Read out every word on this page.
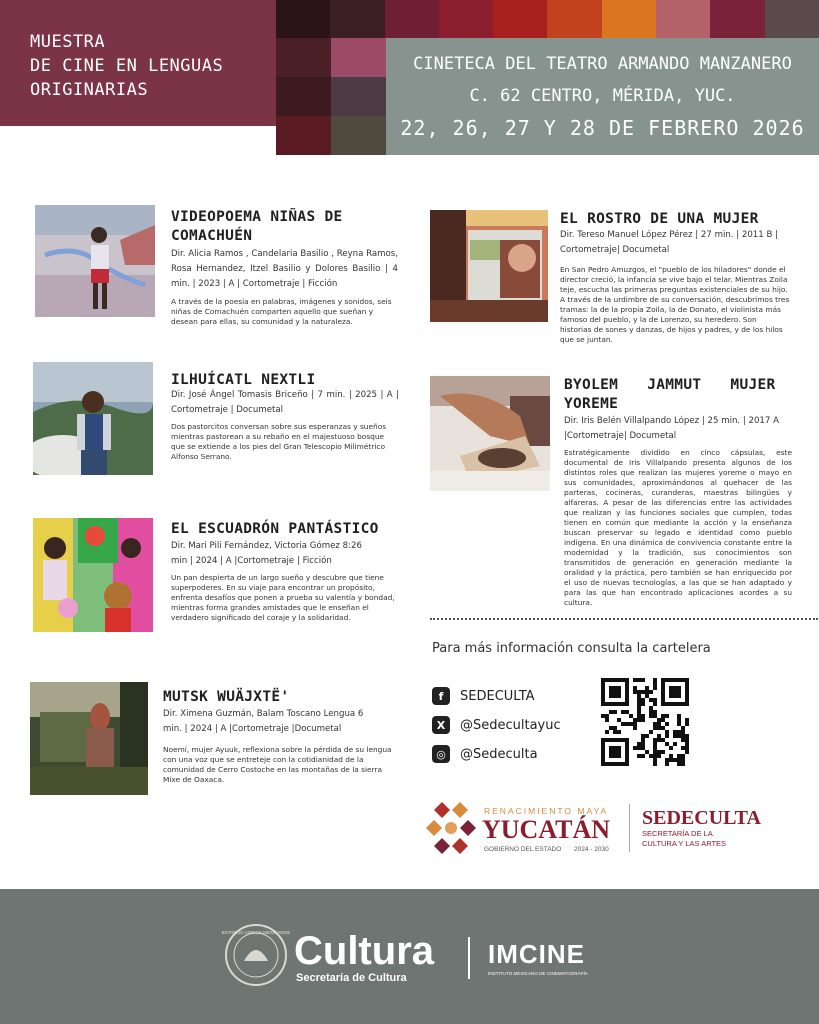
MUESTRA
DE CINE EN LENGUAS
ORIGINARIAS
CINETECA DEL TEATRO ARMANDO MANZANERO
C. 62 CENTRO, MÉRIDA, YUC.
22, 26, 27 Y 28 DE FEBRERO 2026
VIDEOPOEMA NIÑAS DE COMACHUÉN
Dir. Alicia Ramos , Candelaria Basilio , Reyna Ramos, Rosa Hernandez, Itzel Basilio y Dolores Basilio | 4 min. | 2023 | A | Cortometraje | Ficción
A través de la poesía en palabras, imágenes y sonidos, seis niñas de Comachuén comparten aquello que sueñan y desean para ellas, su comunidad y la naturaleza.
ILHUÍCATL NEXTLI
Dir. José Ángel Tomasis Briceño | 7 min. | 2025 | A | Cortometraje | Documetal
Dos pastorcitos conversan sobre sus esperanzas y sueños mientras pastorean a su rebaño en el majestuoso bosque que se extiende a los pies del Gran Telescopio Milimétrico Alfonso Serrano.
EL ESCUADRÓN PANTÁSTICO
Dir. Mari Pili Fernández, Victoria Gómez 8:26 min | 2024 | A |Cortometraje | Ficción
Un pan despierta de un largo sueño y descubre que tiene superpoderes. En su viaje para encontrar un propósito, enfrenta desafíos que ponen a prueba su valentía y bondad, mientras forma grandes amistades que le enseñan el verdadero significado del coraje y la solidaridad.
MUTSK WUÄJXTË'
Dir. Ximena Guzmán, Balam Toscano Lengua 6 min. | 2024 | A |Cortometraje |Documetal
Noemí, mujer Ayuuk, reflexiona sobre la pérdida de su lengua con una voz que se entreteje con la cotidianidad de la comunidad de Cerro Costoche en las montañas de la sierra Mixe de Oaxaca.
EL ROSTRO DE UNA MUJER
Dir. Tereso Manuel López Pérez | 27 min. | 2011 B | Cortometraje| Documetal
En San Pedro Amuzgos, el "pueblo de los hiladores" donde el director creció, la infancia se vive bajo el telar. Mientras Zoila teje, escucha las primeras preguntas existenciales de su hijo. A través de la urdimbre de su conversación, descubrimos tres tramas: la de la propia Zoila, la de Donato, el violinista más famoso del pueblo, y la de Lorenzo, su heredero. Son historias de sones y danzas, de hijos y padres, y de los hilos que se juntan.
BYOLEM JAMMUT MUJER YOREME
Dir. Iris Belén Villalpando López | 25 min. | 2017 A |Cortometraje| Documetal
Estratégicamente dividido en cinco cápsulas, este documental de Iris Villalpando presenta algunos de los distintos roles que realizan las mujeres yoreme o mayo en sus comunidades, aproximándonos al quehacer de las parteras, cocineras, curanderas, maestras bilingües y alfareras. A pesar de las diferencias entre las actividades que realizan y las funciones sociales que cumplen, todas tienen en común que mediante la acción y la enseñanza buscan preservar su legado e identidad como pueblo indígena. En una dinámica de convivencia constante entre la modernidad y la tradición, sus conocimientos son transmitidos de generación en generación mediante la oralidad y la práctica, pero también se han enriquecido por el uso de nuevas tecnologías, a las que se han adaptado y para las que han encontrado aplicaciones acordes a su cultura.
Para más información consulta la cartelera
f	SEDECULTA
X	@Sedecultayuc
◎	@Sedeculta
RENACIMIENTO MAYA
YUCATÁN
GOBIERNO DEL ESTADO 2024 - 2030
SEDECULTA
SECRETARÍA DE LA
CULTURA Y LAS ARTES
ESTADOS UNIDOS MEXICANOS Cultura
Secretaría de Cultura
IMCINE
INSTITUTO MEXICANO DE CINEMATOGRAFÍA
